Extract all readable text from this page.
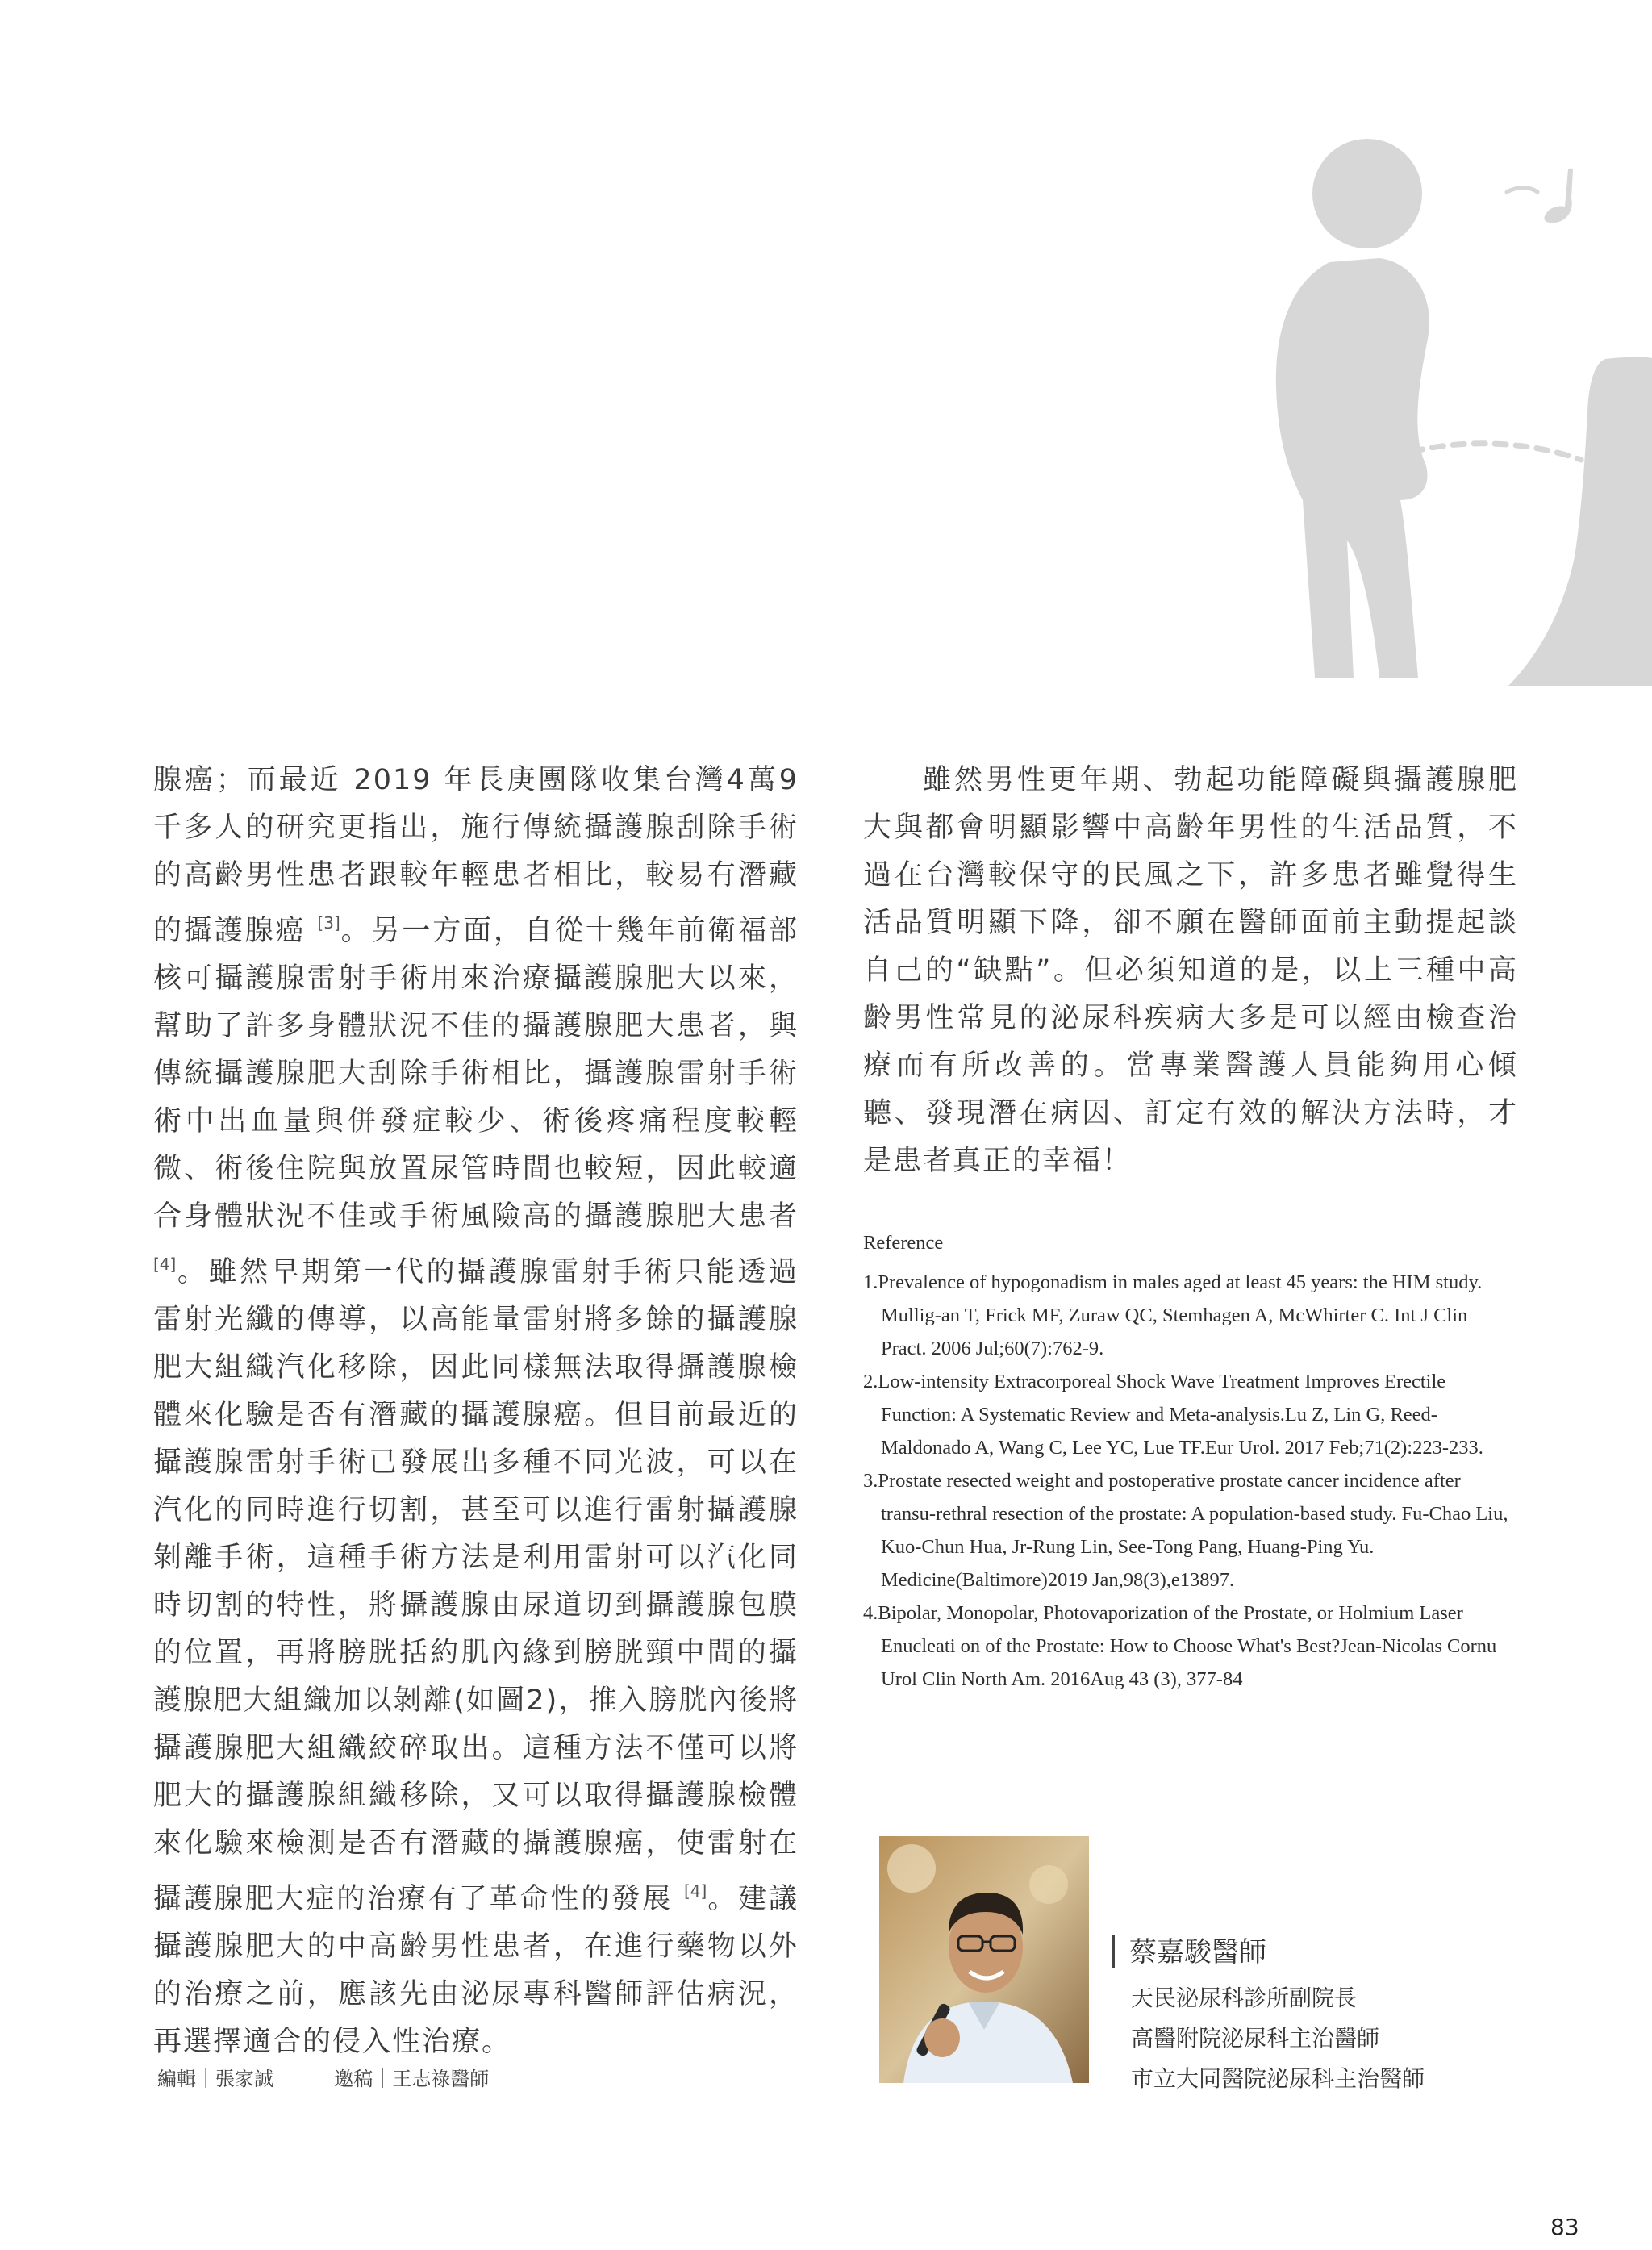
腺癌；而最近 2019 年長庚團隊收集台灣4萬9千多人的研究更指出，施行傳統攝護腺刮除手術的高齡男性患者跟較年輕患者相比，較易有潛藏的攝護腺癌 [3]。另一方面，自從十幾年前衛福部核可攝護腺雷射手術用來治療攝護腺肥大以來，幫助了許多身體狀況不佳的攝護腺肥大患者，與傳統攝護腺肥大刮除手術相比，攝護腺雷射手術術中出血量與併發症較少、術後疼痛程度較輕微、術後住院與放置尿管時間也較短，因此較適合身體狀況不佳或手術風險高的攝護腺肥大患者 [4]。雖然早期第一代的攝護腺雷射手術只能透過雷射光纖的傳導，以高能量雷射將多餘的攝護腺肥大組織汽化移除，因此同樣無法取得攝護腺檢體來化驗是否有潛藏的攝護腺癌。但目前最近的攝護腺雷射手術已發展出多種不同光波，可以在汽化的同時進行切割，甚至可以進行雷射攝護腺剝離手術，這種手術方法是利用雷射可以汽化同時切割的特性，將攝護腺由尿道切到攝護腺包膜的位置，再將膀胱括約肌內緣到膀胱頸中間的攝護腺肥大組織加以剝離(如圖2)，推入膀胱內後將攝護腺肥大組織絞碎取出。這種方法不僅可以將肥大的攝護腺組織移除，又可以取得攝護腺檢體來化驗來檢測是否有潛藏的攝護腺癌，使雷射在攝護腺肥大症的治療有了革命性的發展 [4]。建議攝護腺肥大的中高齡男性患者，在進行藥物以外的治療之前，應該先由泌尿專科醫師評估病況，再選擇適合的侵入性治療。

雖然男性更年期、勃起功能障礙與攝護腺肥大與都會明顯影響中高齡年男性的生活品質，不過在台灣較保守的民風之下，許多患者雖覺得生活品質明顯下降，卻不願在醫師面前主動提起談自己的“缺點”。但必須知道的是，以上三種中高齡男性常見的泌尿科疾病大多是可以經由檢查治療而有所改善的。當專業醫護人員能夠用心傾聽、發現潛在病因、訂定有效的解決方法時，才是患者真正的幸福！

Reference
1.Prevalence of hypogonadism in males aged at least 45 years: the HIM study. Mullig-an T, Frick MF, Zuraw QC, Stemhagen A, McWhirter C. Int J Clin Pract. 2006 Jul;60(7):762-9.
2.Low-intensity Extracorporeal Shock Wave Treatment Improves Erectile Function: A Systematic Review and Meta-analysis.Lu Z, Lin G, Reed-Maldonado A, Wang C, Lee YC, Lue TF.Eur Urol. 2017 Feb;71(2):223-233.
3.Prostate resected weight and postoperative prostate cancer incidence after transu-rethral resection of the prostate: A population-based study. Fu-Chao Liu, Kuo-Chun Hua, Jr-Rung Lin, See-Tong Pang, Huang-Ping Yu. Medicine(Baltimore)2019 Jan,98(3),e13897.
4.Bipolar, Monopolar, Photovaporization of the Prostate, or Holmium Laser Enucleati on of the Prostate: How to Choose What's Best?Jean-Nicolas Cornu Urol Clin North Am. 2016Aug 43 (3), 377-84
蔡嘉駿醫師
天民泌尿科診所副院長
高醫附院泌尿科主治醫師
市立大同醫院泌尿科主治醫師
編輯｜張家誠	邀稿｜王志祿醫師
83
